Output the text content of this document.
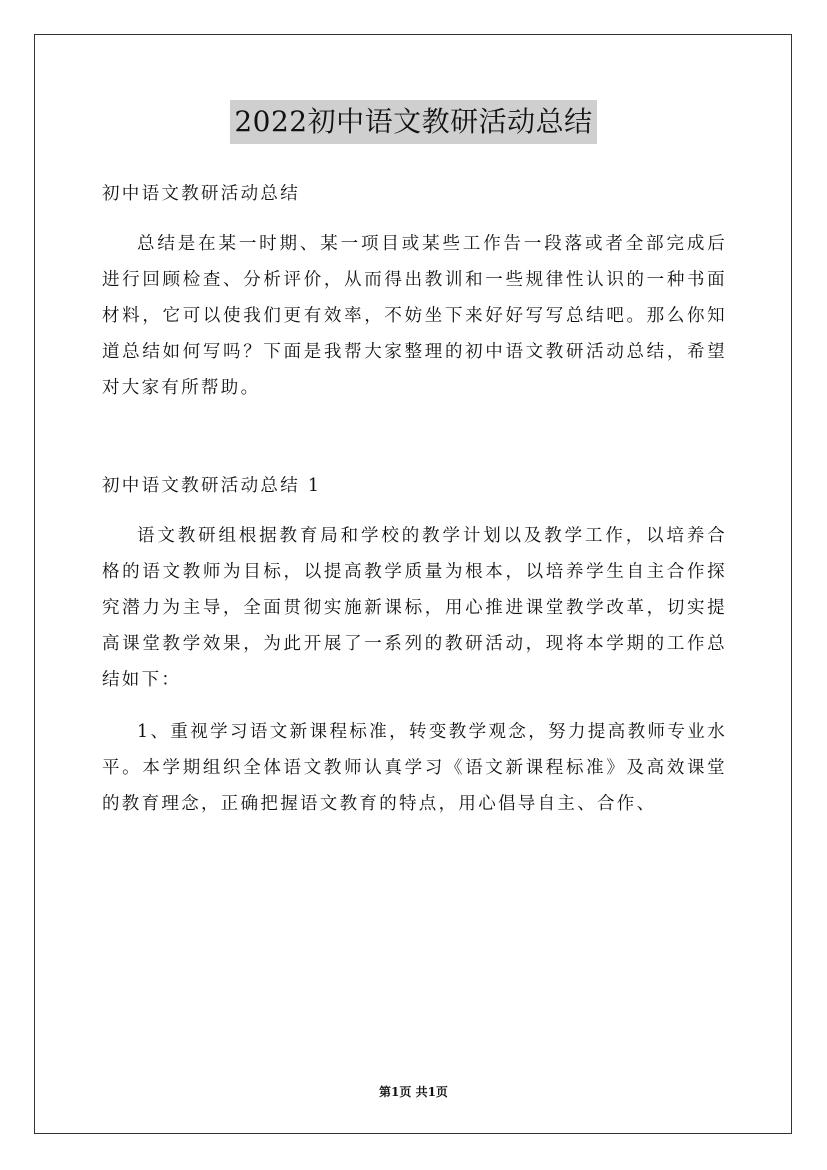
2022初中语文教研活动总结

初中语文教研活动总结

总结是在某一时期、某一项目或某些工作告一段落或者全部完成后进行回顾检查、分析评价，从而得出教训和一些规律性认识的一种书面材料，它可以使我们更有效率，不妨坐下来好好写写总结吧。那么你知道总结如何写吗？下面是我帮大家整理的初中语文教研活动总结，希望对大家有所帮助。

初中语文教研活动总结 1

语文教研组根据教育局和学校的教学计划以及教学工作，以培养合格的语文教师为目标，以提高教学质量为根本，以培养学生自主合作探究潜力为主导，全面贯彻实施新课标，用心推进课堂教学改革，切实提高课堂教学效果，为此开展了一系列的教研活动，现将本学期的工作总结如下：

1、重视学习语文新课程标准，转变教学观念，努力提高教师专业水平。本学期组织全体语文教师认真学习《语文新课程标准》及高效课堂的教育理念，正确把握语文教育的特点，用心倡导自主、合作、

第1页 共1页
